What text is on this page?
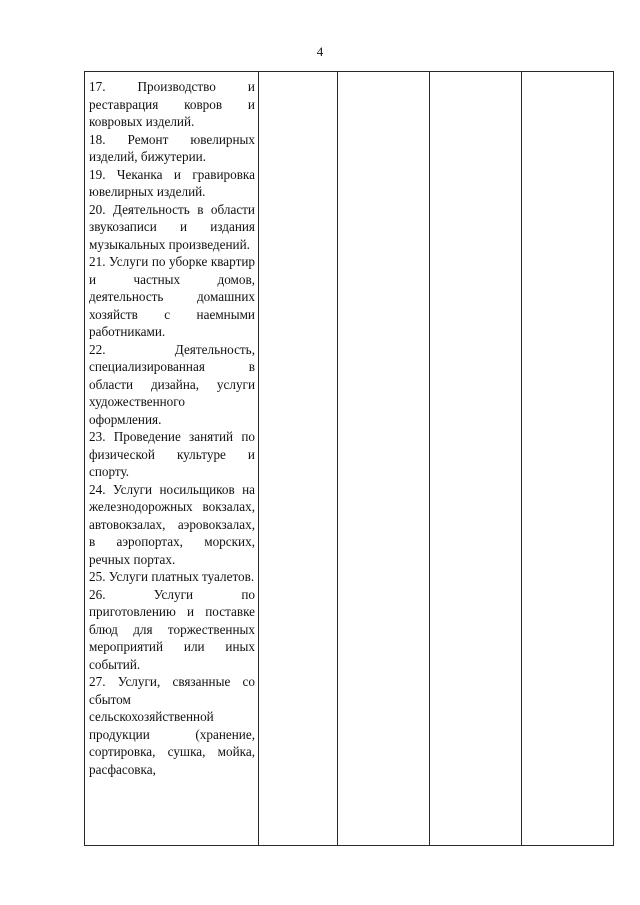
4
17. Производство и реставрация ковров и ковровых изделий.
18. Ремонт ювелирных изделий, бижутерии.
19. Чеканка и гравировка ювелирных изделий.
20. Деятельность в области звукозаписи и издания музыкальных произведений.
21. Услуги по уборке квартир и частных домов, деятельность домашних хозяйств с наемными работниками.
22. Деятельность, специализированная в области дизайна, услуги художественного оформления.
23. Проведение занятий по физической культуре и спорту.
24. Услуги носильщиков на железнодорожных вокзалах, автовокзалах, аэровокзалах, в аэропортах, морских, речных портах.
25. Услуги платных туалетов.
26. Услуги по приготовлению и поставке блюд для торжественных мероприятий или иных событий.
27. Услуги, связанные со сбытом сельскохозяйственной продукции (хранение, сортировка, сушка, мойка, расфасовка,
